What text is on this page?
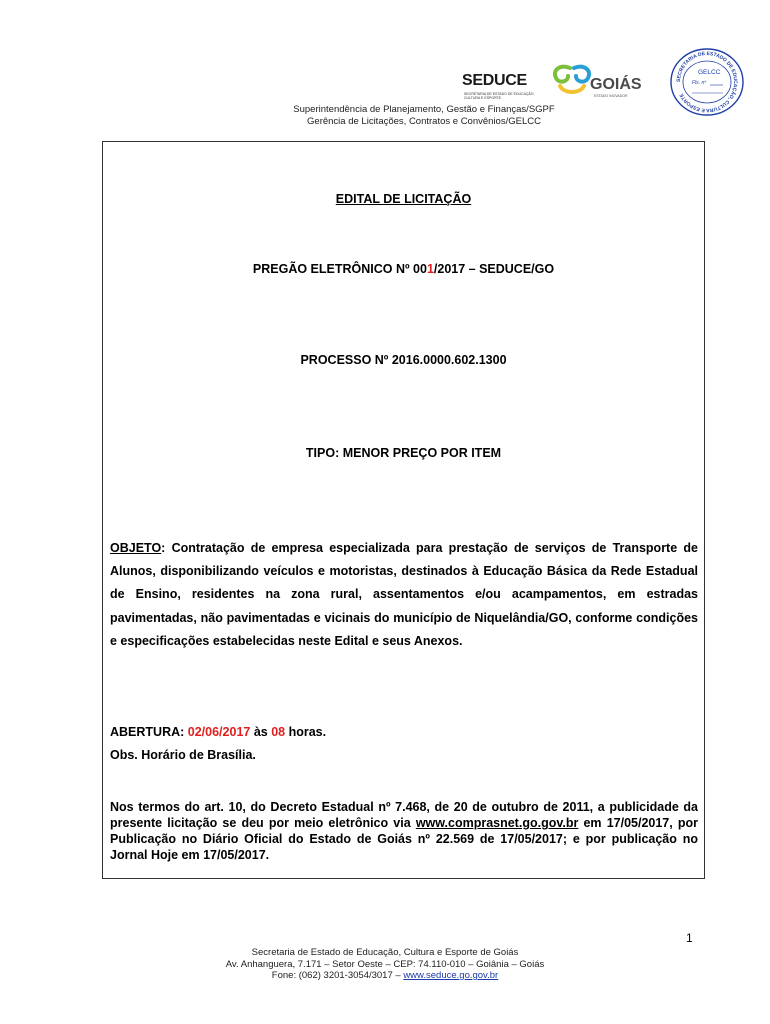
SEDUCE
SECRETARIA DE ESTADO DE EDUCAÇÃO, CULTURA E ESPORTE
GOIÁS
ESTADO INOVADOR
SECRETARIA DE ESTADO DE EDUCAÇÃO, CULTURA E ESPORTE
GELCC
Fls. nº
Superintendência de Planejamento, Gestão e Finanças/SGPF
Gerência de Licitações, Contratos e Convênios/GELCC
EDITAL DE LICITAÇÃO
PREGÃO ELETRÔNICO Nº 001/2017 – SEDUCE/GO
PROCESSO Nº 2016.0000.602.1300
TIPO: MENOR PREÇO POR ITEM
OBJETO: Contratação de empresa especializada para prestação de serviços de Transporte de Alunos, disponibilizando veículos e motoristas, destinados à Educação Básica da Rede Estadual de Ensino, residentes na zona rural, assentamentos e/ou acampamentos, em estradas pavimentadas, não pavimentadas e vicinais do município de Niquelândia/GO, conforme condições e especificações estabelecidas neste Edital e seus Anexos.
ABERTURA: 02/06/2017 às 08 horas.
Obs. Horário de Brasília.
Nos termos do art. 10, do Decreto Estadual nº 7.468, de 20 de outubro de 2011, a publicidade da presente licitação se deu por meio eletrônico via www.comprasnet.go.gov.br em 17/05/2017, por Publicação no Diário Oficial do Estado de Goiás nº 22.569 de 17/05/2017; e por publicação no Jornal Hoje em 17/05/2017.
1
Secretaria de Estado de Educação, Cultura e Esporte de Goiás
Av. Anhanguera, 7.171 – Setor Oeste – CEP: 74.110-010 – Goiânia – Goiás
Fone: (062) 3201-3054/3017 – www.seduce.go.gov.br
